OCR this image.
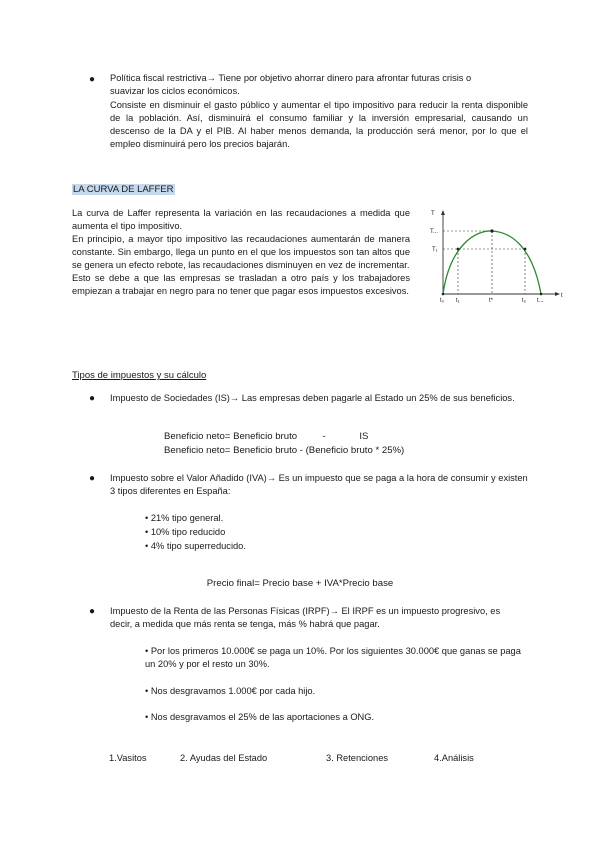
● Política fiscal restrictiva→ Tiene por objetivo ahorrar dinero para afrontar futuras crisis o
suavizar los ciclos económicos.
Consiste en disminuir el gasto público y aumentar el tipo impositivo para reducir la renta disponible de la población. Así, disminuirá el consumo familiar y la inversión empresarial, causando un descenso de la DA y el PIB. Al haber menos demanda, la producción será menor, por lo que el empleo disminuirá pero los precios bajarán.
LA CURVA DE LAFFER
La curva de Laffer representa la variación en las recaudaciones a medida que aumenta el tipo impositivo.
En principio, a mayor tipo impositivo las recaudaciones aumentarán de manera constante. Sin embargo, llega un punto en el que los impuestos son tan altos que se genera un efecto rebote, las recaudaciones disminuyen en vez de incrementar.
Esto se debe a que las empresas se trasladan a otro país y los trabajadores empiezan a trabajar en negro para no tener que pagar esos impuestos excesivos.
T
t
T...
T₁
t₀ t₁	t*	t₂ t...
Tipos de impuestos y su cálculo
● Impuesto de Sociedades (IS)→ Las empresas deben pagarle al Estado un 25% de sus beneficios.
Beneficio neto= Beneficio bruto	-	IS
Beneficio neto= Beneficio bruto - (Beneficio bruto * 25%)
● Impuesto sobre el Valor Añadido (IVA)→ Es un impuesto que se paga a la hora de consumir y existen 3 tipos diferentes en España:
• 21% tipo general.
• 10% tipo reducido
• 4% tipo superreducido.
Precio final= Precio base + IVA*Precio base
● Impuesto de la Renta de las Personas Físicas (IRPF)→ El IRPF es un impuesto progresivo, es decir, a medida que más renta se tenga, más % habrá que pagar.
• Por los primeros 10.000€ se paga un 10%. Por los siguientes 30.000€ que ganas se paga un 20% y por el resto un 30%.
• Nos desgravamos 1.000€ por cada hijo.
• Nos desgravamos el 25% de las aportaciones a ONG.
1.Vasitos	2. Ayudas del Estado	3. Retenciones	4.Análisis
